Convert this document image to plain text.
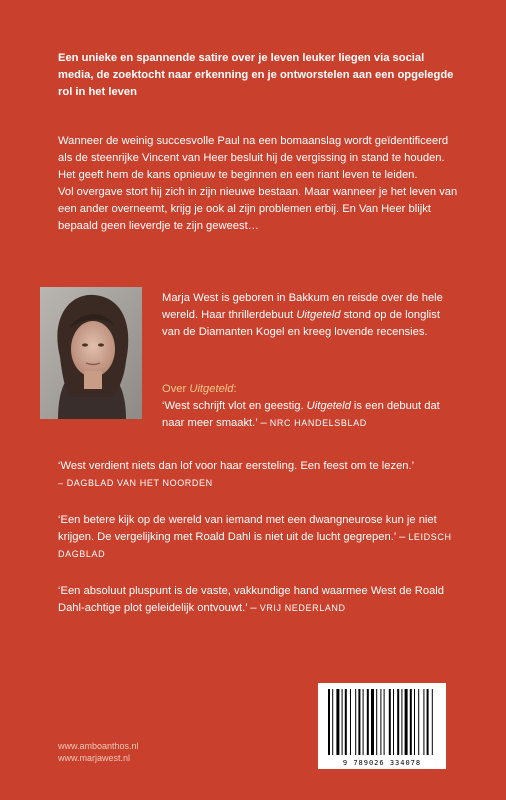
Een unieke en spannende satire over je leven leuker liegen via social media, de zoektocht naar erkenning en je ontworstelen aan een opgelegde rol in het leven

Wanneer de weinig succesvolle Paul na een bomaanslag wordt geïdentificeerd als de steenrijke Vincent van Heer besluit hij de vergissing in stand te houden. Het geeft hem de kans opnieuw te beginnen en een riant leven te leiden.

Vol overgave stort hij zich in zijn nieuwe bestaan. Maar wanneer je het leven van een ander overneemt, krijg je ook al zijn problemen erbij. En Van Heer blijkt bepaald geen lieverdje te zijn geweest…

Marja West is geboren in Bakkum en reisde over de hele wereld. Haar thrillerdebuut Uitgeteld stond op de longlist van de Diamanten Kogel en kreeg lovende recensies.
Over Uitgeteld:
‘West schrijft vlot en geestig. Uitgeteld is een debuut dat naar meer smaakt.’ – NRC HANDELSBLAD
‘West verdient niets dan lof voor haar eersteling. Een feest om te lezen.’
– DAGBLAD VAN HET NOORDEN
‘Een betere kijk op de wereld van iemand met een dwangneurose kun je niet krijgen. De vergelijking met Roald Dahl is niet uit de lucht gegrepen.’ – LEIDSCH DAGBLAD
‘Een absoluut pluspunt is de vaste, vakkundige hand waarmee West de Roald Dahl-achtige plot geleidelijk ontvouwt.’ – VRIJ NEDERLAND
9 789026 334078
www.amboanthos.nl
www.marjawest.nl
